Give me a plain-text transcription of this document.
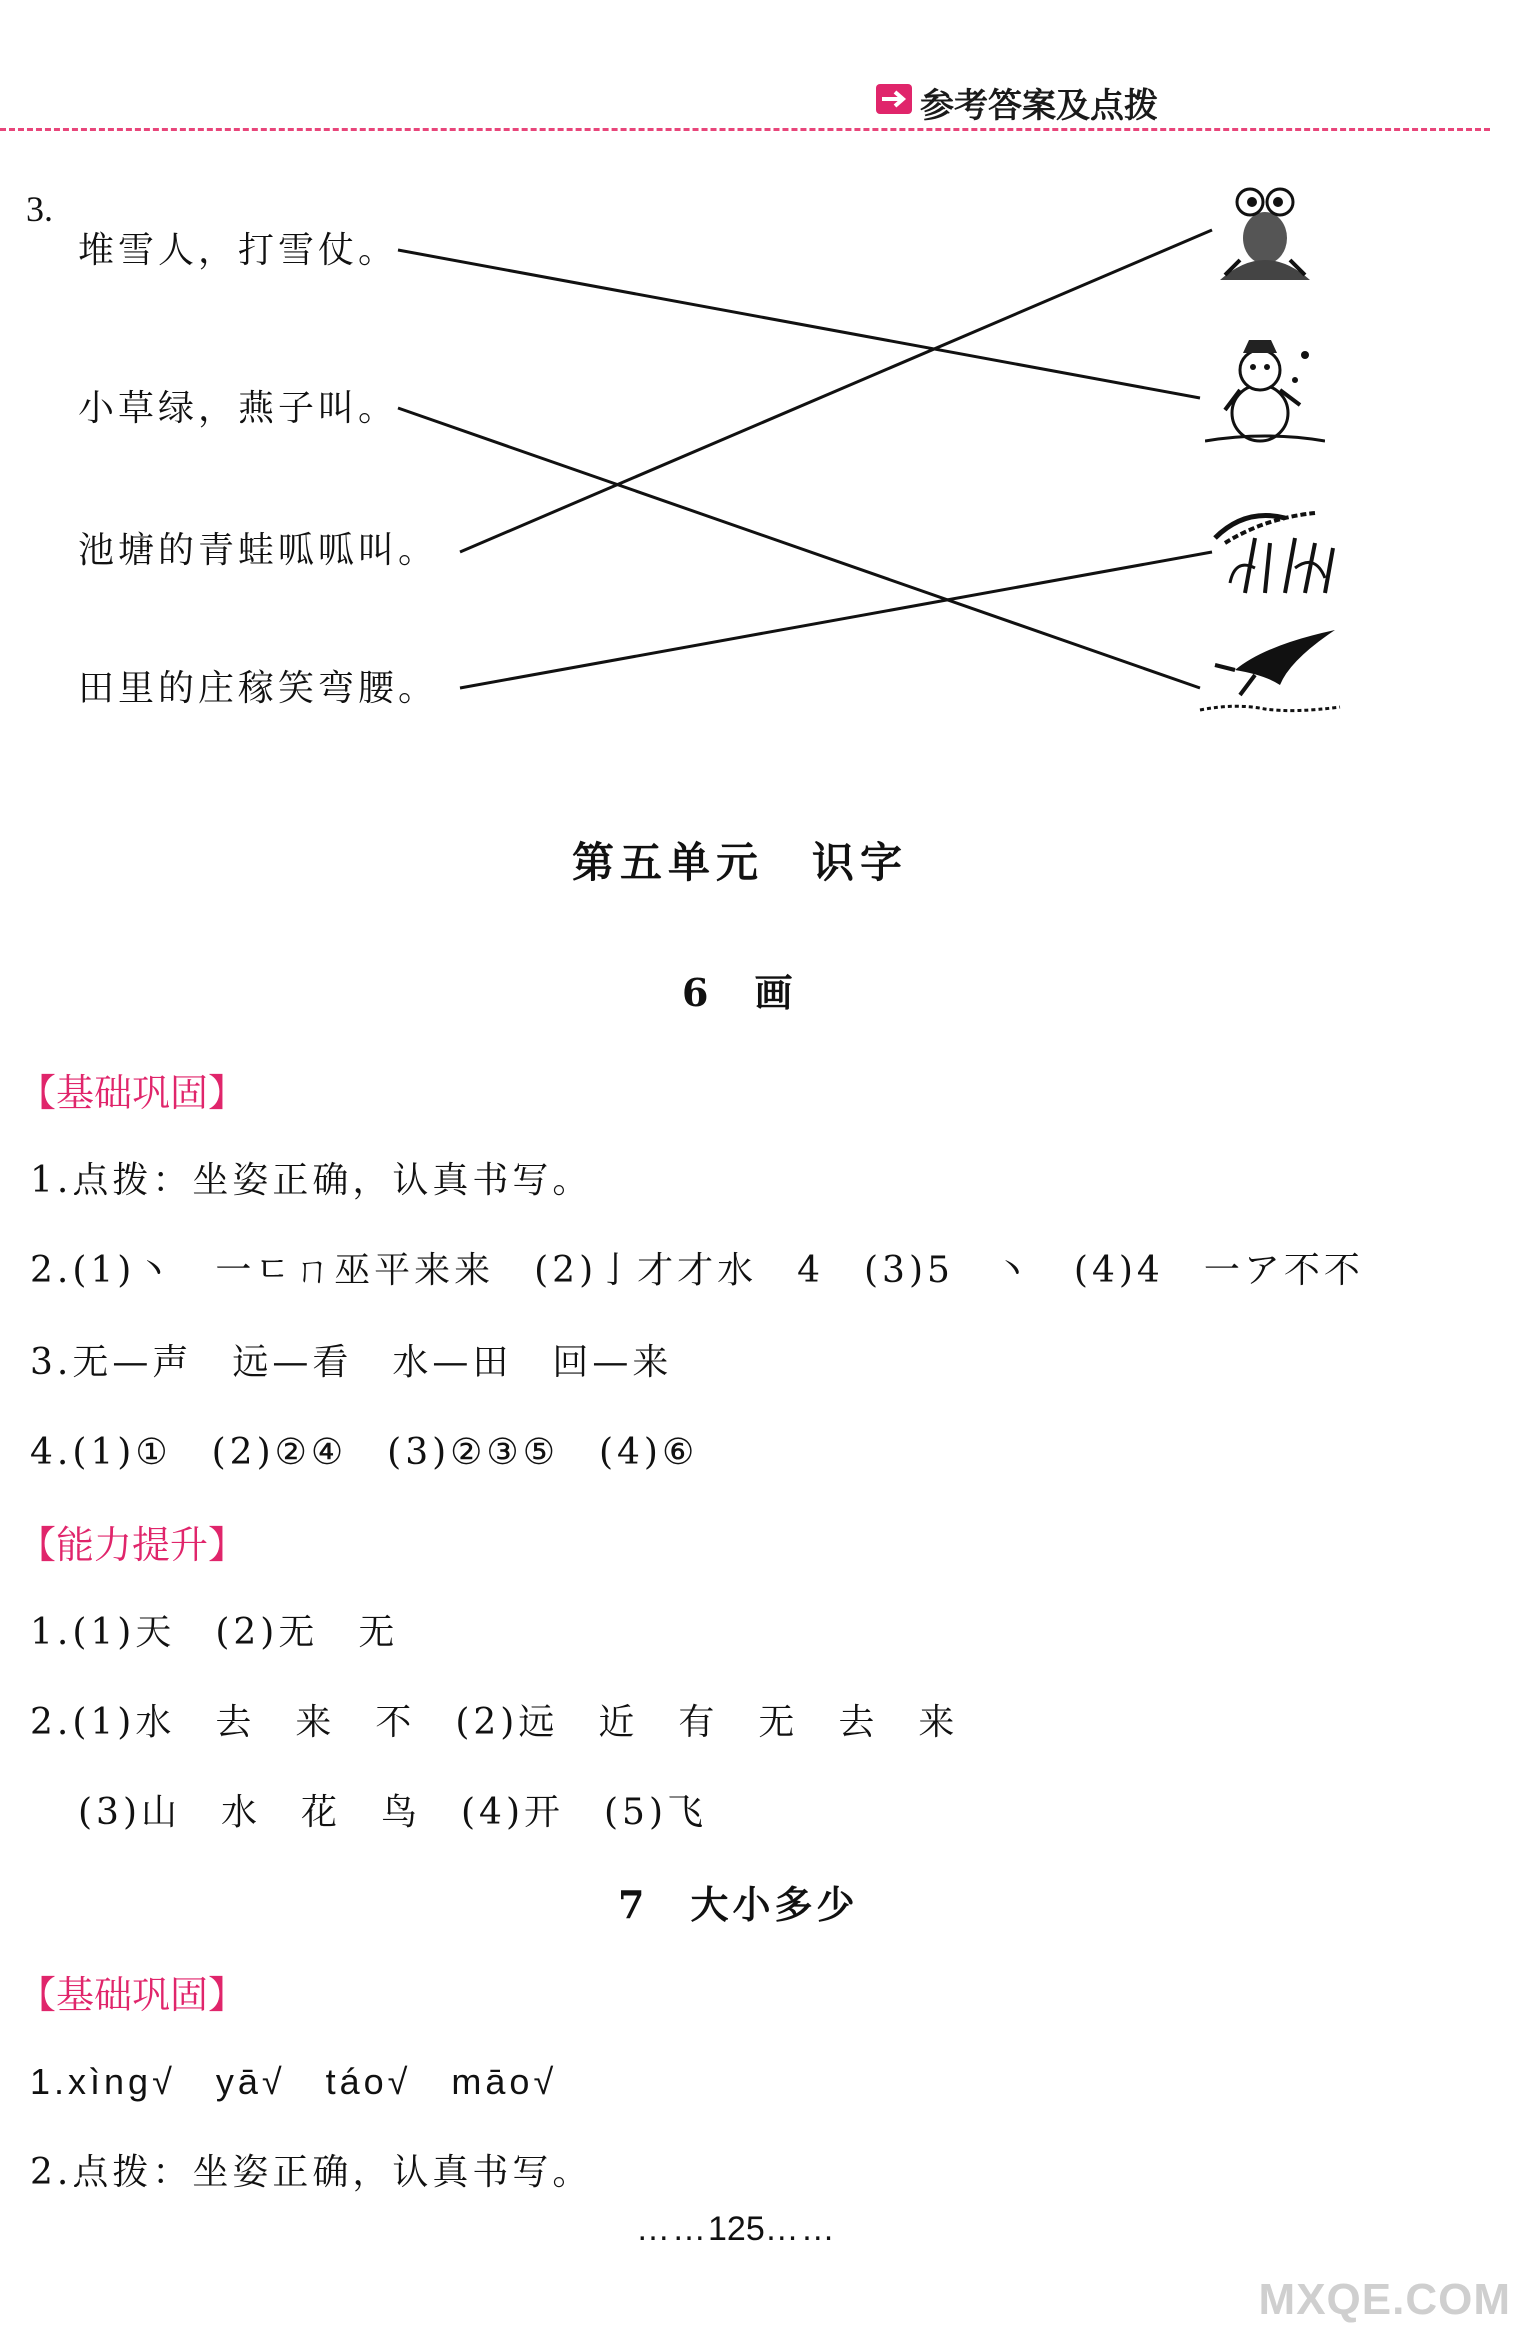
参考答案及点拨
3.
堆雪人，打雪仗。
小草绿，燕子叫。
池塘的青蛙呱呱叫。
田里的庄稼笑弯腰。
第五单元　识字
6　画
【基础巩固】
1.点拨：坐姿正确，认真书写。
2.(1)丶　一ㄷㄇ巫平来来　(2)亅才才水　4　(3)5　丶　(4)4　一ア不不
3.无—声　远—看　水—田　回—来
4.(1)①　(2)②④　(3)②③⑤　(4)⑥
【能力提升】
1.(1)天　(2)无　无
2.(1)水　去　来　不　(2)远　近　有　无　去　来
(3)山　水　花　鸟　(4)开　(5)飞
7　大小多少
【基础巩固】
1.xìng√　yā√　táo√　māo√
2.点拨：坐姿正确，认真书写。
……125……
MXQE.COM
